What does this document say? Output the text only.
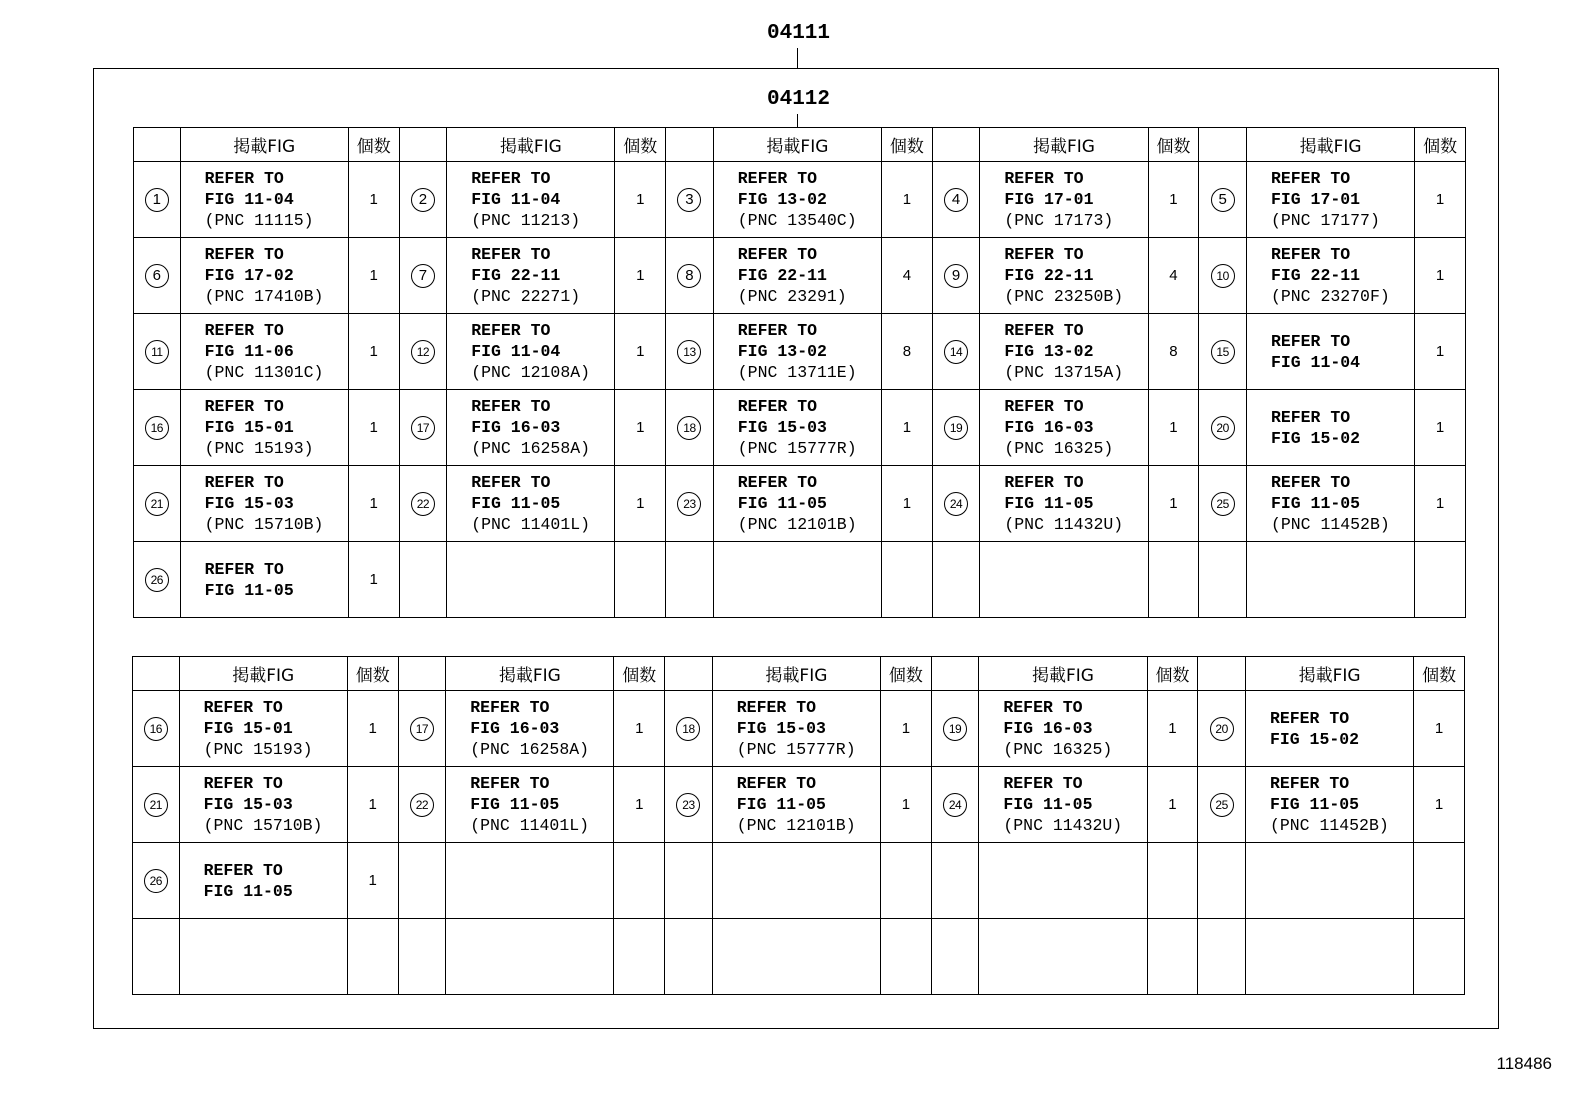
04111
04112
	掲載FIG	個数		掲載FIG	個数		掲載FIG	個数		掲載FIG	個数		掲載FIG	個数
1	REFER TO
FIG 11-04
(PNC 11115)	1	2	REFER TO
FIG 11-04
(PNC 11213)	1	3	REFER TO
FIG 13-02
(PNC 13540C)	1	4	REFER TO
FIG 17-01
(PNC 17173)	1	5	REFER TO
FIG 17-01
(PNC 17177)	1
6	REFER TO
FIG 17-02
(PNC 17410B)	1	7	REFER TO
FIG 22-11
(PNC 22271)	1	8	REFER TO
FIG 22-11
(PNC 23291)	4	9	REFER TO
FIG 22-11
(PNC 23250B)	4	10	REFER TO
FIG 22-11
(PNC 23270F)	1
11	REFER TO
FIG 11-06
(PNC 11301C)	1	12	REFER TO
FIG 11-04
(PNC 12108A)	1	13	REFER TO
FIG 13-02
(PNC 13711E)	8	14	REFER TO
FIG 13-02
(PNC 13715A)	8	15	REFER TO
FIG 11-04	1
16	REFER TO
FIG 15-01
(PNC 15193)	1	17	REFER TO
FIG 16-03
(PNC 16258A)	1	18	REFER TO
FIG 15-03
(PNC 15777R)	1	19	REFER TO
FIG 16-03
(PNC 16325)	1	20	REFER TO
FIG 15-02	1
21	REFER TO
FIG 15-03
(PNC 15710B)	1	22	REFER TO
FIG 11-05
(PNC 11401L)	1	23	REFER TO
FIG 11-05
(PNC 12101B)	1	24	REFER TO
FIG 11-05
(PNC 11432U)	1	25	REFER TO
FIG 11-05
(PNC 11452B)	1
26	REFER TO
FIG 11-05	1												
	掲載FIG	個数		掲載FIG	個数		掲載FIG	個数		掲載FIG	個数		掲載FIG	個数
16	REFER TO
FIG 15-01
(PNC 15193)	1	17	REFER TO
FIG 16-03
(PNC 16258A)	1	18	REFER TO
FIG 15-03
(PNC 15777R)	1	19	REFER TO
FIG 16-03
(PNC 16325)	1	20	REFER TO
FIG 15-02	1
21	REFER TO
FIG 15-03
(PNC 15710B)	1	22	REFER TO
FIG 11-05
(PNC 11401L)	1	23	REFER TO
FIG 11-05
(PNC 12101B)	1	24	REFER TO
FIG 11-05
(PNC 11432U)	1	25	REFER TO
FIG 11-05
(PNC 11452B)	1
26	REFER TO
FIG 11-05	1												

118486
